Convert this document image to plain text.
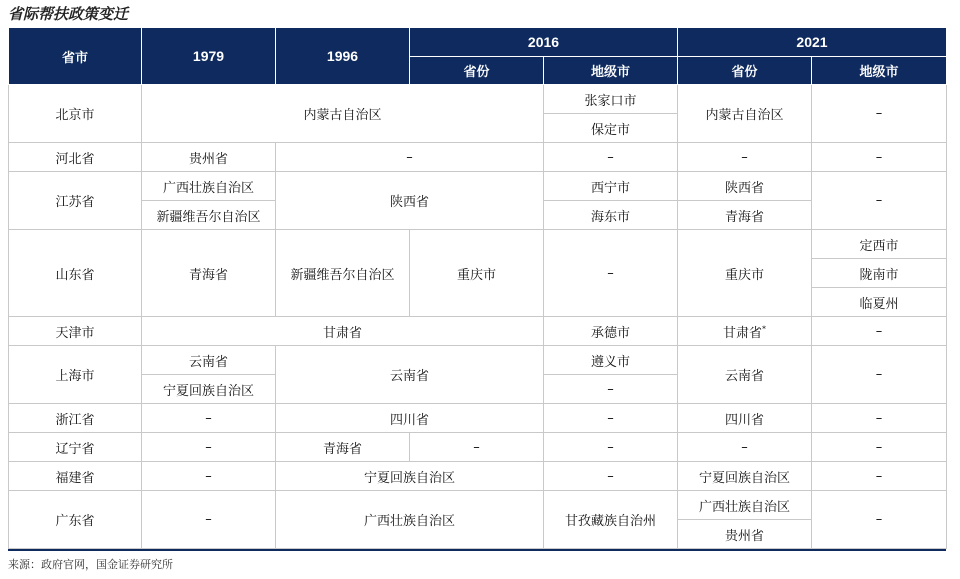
省际帮扶政策变迁
省市	1979	1996	2016		2021	
			省份	地级市	省份	地级市
北京市	内蒙古自治区			张家口市	内蒙古自治区	–
				保定市		
河北省	贵州省	–		–	–	–
江苏省	广西壮族自治区	陕西省		西宁市	陕西省	–
	新疆维吾尔自治区			海东市	青海省	
山东省	青海省	新疆维吾尔自治区	重庆市	–	重庆市	定西市
						陇南市
						临夏州
天津市	甘肃省			承德市	甘肃省*	–
上海市	云南省	云南省		遵义市	云南省	–
	宁夏回族自治区			–		
浙江省	–	四川省		–	四川省	–
辽宁省	–	青海省	–	–	–	–
福建省	–	宁夏回族自治区		–	宁夏回族自治区	–
广东省	–	广西壮族自治区		甘孜藏族自治州	广西壮族自治区	–
					贵州省	
来源：政府官网，国金证券研究所
